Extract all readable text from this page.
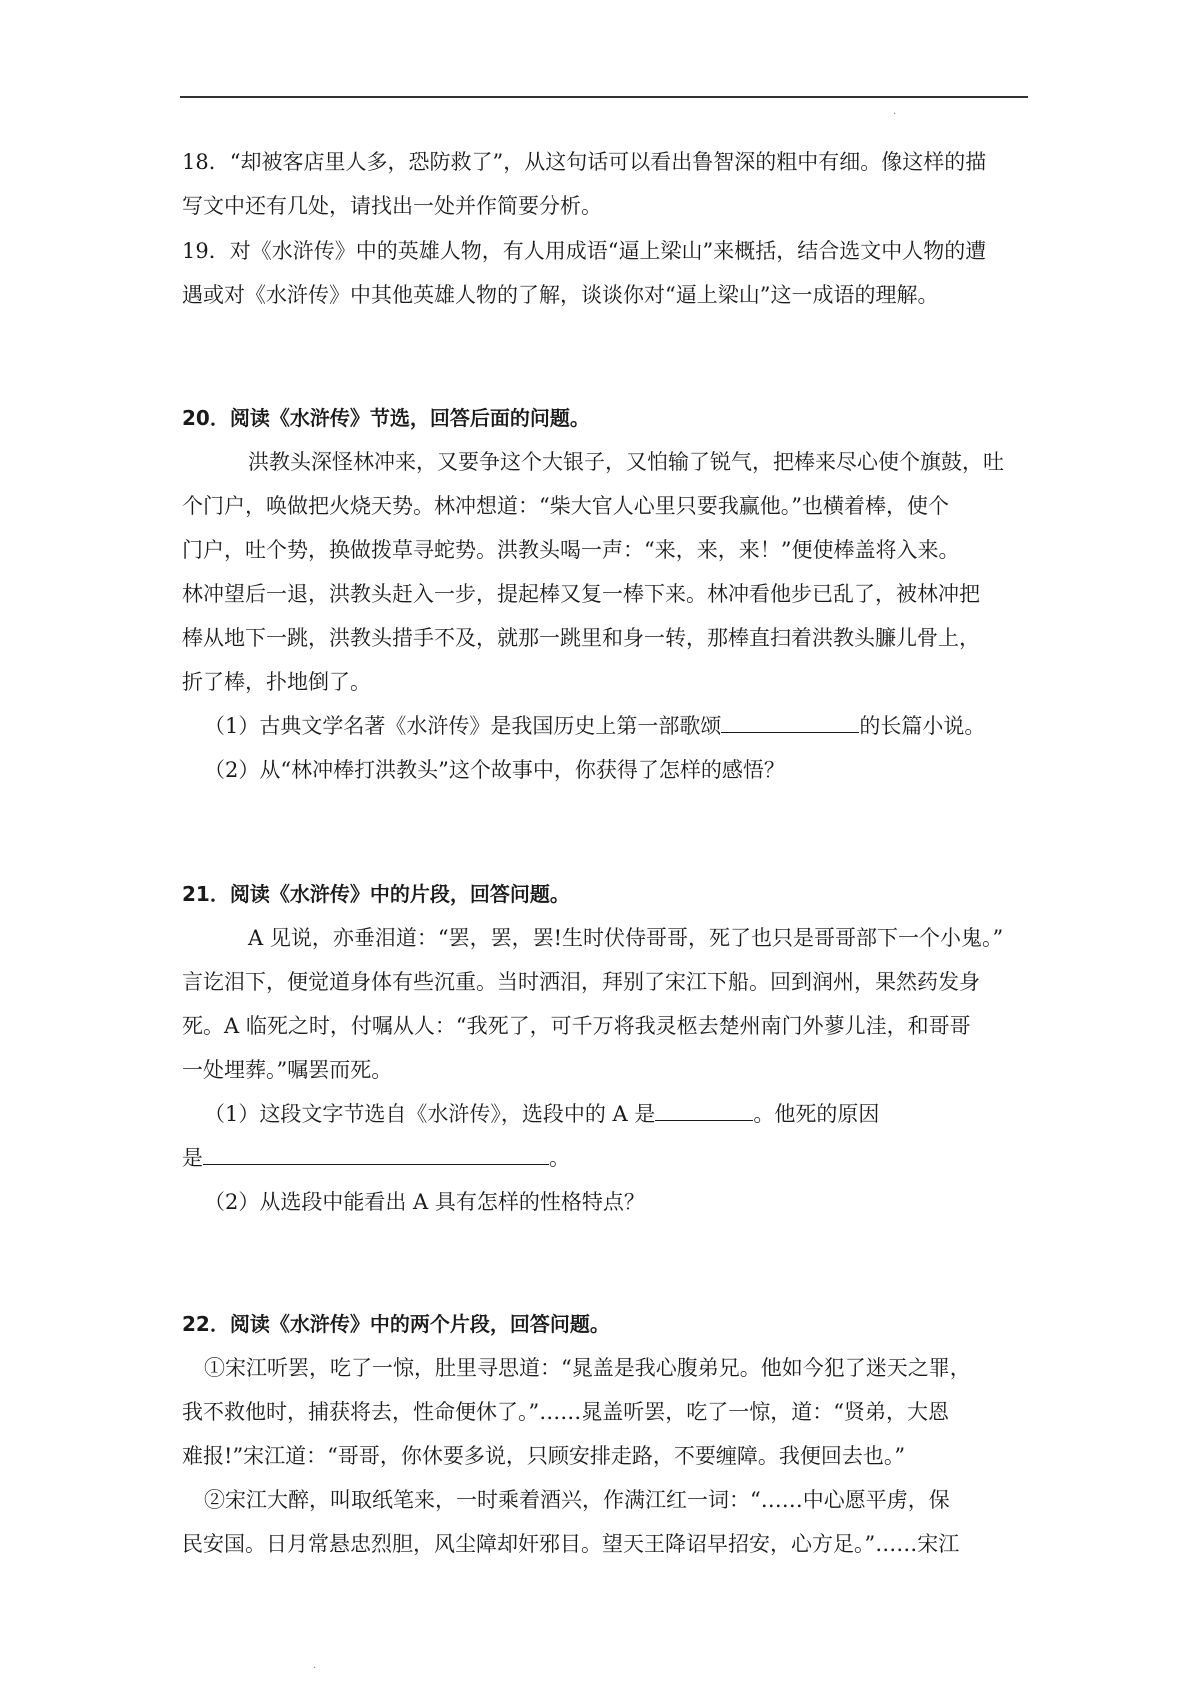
.
18．“却被客店里人多，恐防救了”，从这句话可以看出鲁智深的粗中有细。像这样的描
写文中还有几处，请找出一处并作简要分析。
19．对《水浒传》中的英雄人物，有人用成语“逼上梁山”来概括，结合选文中人物的遭
遇或对《水浒传》中其他英雄人物的了解，谈谈你对“逼上梁山”这一成语的理解。
20．阅读《水浒传》节选，回答后面的问题。
洪教头深怪林冲来，又要争这个大银子，又怕输了锐气，把棒来尽心使个旗鼓，吐
个门户，唤做把火烧天势。林冲想道：“柴大官人心里只要我赢他。”也横着棒，使个
门户，吐个势，换做拨草寻蛇势。洪教头喝一声：“来，来，来！”便使棒盖将入来。
林冲望后一退，洪教头赶入一步，提起棒又复一棒下来。林冲看他步已乱了，被林冲把
棒从地下一跳，洪教头措手不及，就那一跳里和身一转，那棒直扫着洪教头臁儿骨上，
折了棒，扑地倒了。
（1）古典文学名著《水浒传》是我国历史上第一部歌颂	的长篇小说。
（2）从“林冲棒打洪教头”这个故事中，你获得了怎样的感悟？
21．阅读《水浒传》中的片段，回答问题。
A 见说，亦垂泪道：“罢，罢，罢!生时伏侍哥哥，死了也只是哥哥部下一个小鬼。”
言讫泪下，便觉道身体有些沉重。当时洒泪，拜别了宋江下船。回到润州，果然药发身
死。A 临死之时，付嘱从人：“我死了，可千万将我灵柩去楚州南门外蓼儿洼，和哥哥
一处埋葬。”嘱罢而死。
（1）这段文字节选自《水浒传》，选段中的 A 是	。他死的原因
是	。
（2）从选段中能看出 A 具有怎样的性格特点？
22．阅读《水浒传》中的两个片段，回答问题。
①宋江听罢，吃了一惊，肚里寻思道：“晁盖是我心腹弟兄。他如今犯了迷天之罪，
我不救他时，捕获将去，性命便休了。”……晁盖听罢，吃了一惊，道：“贤弟，大恩
难报!”宋江道：“哥哥，你休要多说，只顾安排走路，不要缠障。我便回去也。”
②宋江大醉，叫取纸笔来，一时乘着酒兴，作满江红一词：“……中心愿平虏，保
民安国。日月常悬忠烈胆，风尘障却奸邪目。望天王降诏早招安，心方足。”……宋江
.
